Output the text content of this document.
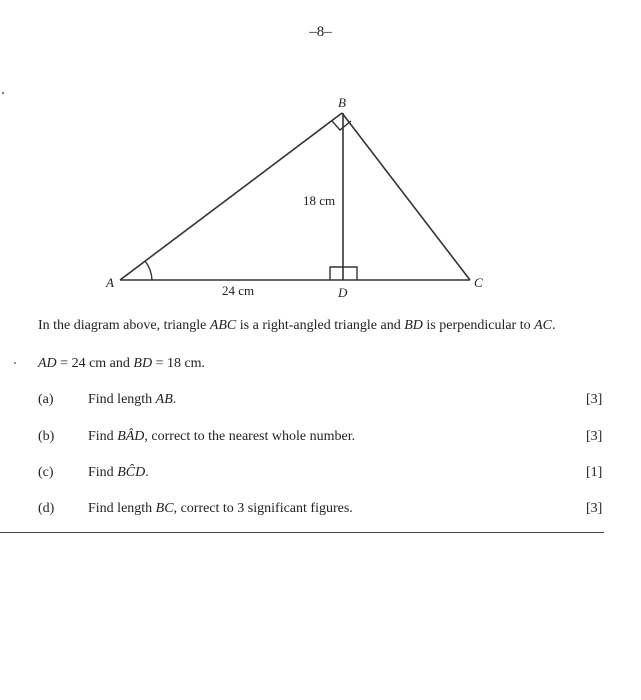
–8–
B
A	C
D
18 cm
24 cm
In the diagram above, triangle ABC is a right-angled triangle and BD is perpendicular to AC.
AD = 24 cm and BD = 18 cm.
(a) Find length AB.	[3]
(b) Find BÂD, correct to the nearest whole number.	[3]
(c) Find BĈD.	[1]
(d) Find length BC, correct to 3 significant figures.	[3]
